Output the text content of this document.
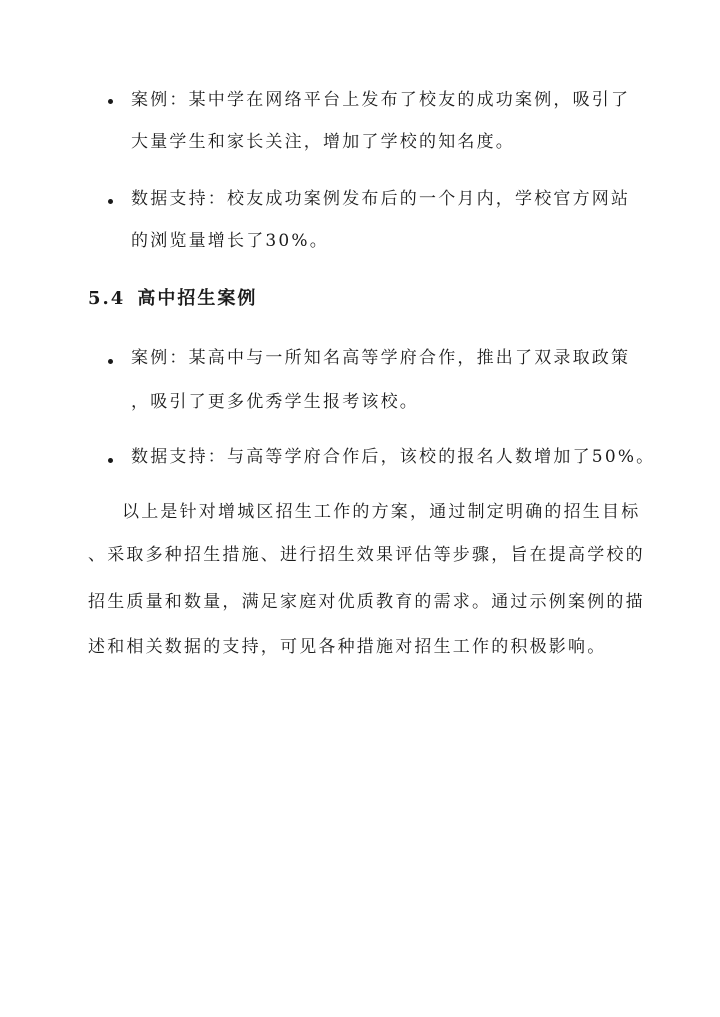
案例：某中学在网络平台上发布了校友的成功案例，吸引了
大量学生和家长关注，增加了学校的知名度。
数据支持：校友成功案例发布后的一个月内，学校官方网站
的浏览量增长了30%。
5.4 高中招生案例
案例：某高中与一所知名高等学府合作，推出了双录取政策
，吸引了更多优秀学生报考该校。
数据支持：与高等学府合作后，该校的报名人数增加了50%。
以上是针对增城区招生工作的方案，通过制定明确的招生目标
、采取多种招生措施、进行招生效果评估等步骤，旨在提高学校的
招生质量和数量，满足家庭对优质教育的需求。通过示例案例的描
述和相关数据的支持，可见各种措施对招生工作的积极影响。
